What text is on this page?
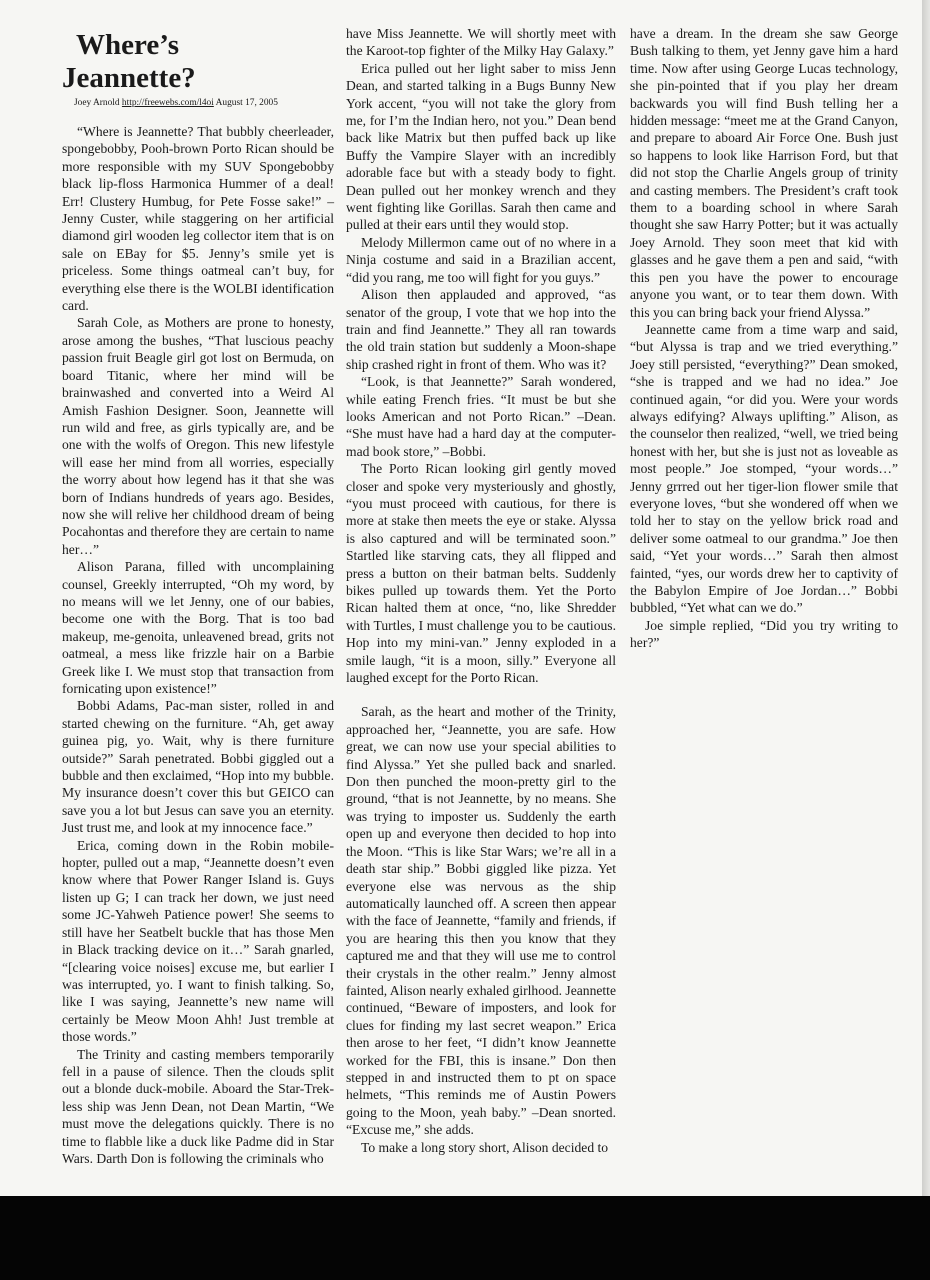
Where’s
Jeannette?
Joey Arnold http://freewebs.com/l4oi August 17, 2005

“Where is Jeannette? That bubbly cheerleader, spongebobby, Pooh-brown Porto Rican should be more responsible with my SUV Spongebobby black lip-floss Harmonica Hummer of a deal! Err! Clustery Humbug, for Pete Fosse sake!” – Jenny Custer, while staggering on her artificial diamond girl wooden leg collector item that is on sale on EBay for $5. Jenny’s smile yet is priceless. Some things oatmeal can’t buy, for everything else there is the WOLBI identification card.

Sarah Cole, as Mothers are prone to honesty, arose among the bushes, “That luscious peachy passion fruit Beagle girl got lost on Bermuda, on board Titanic, where her mind will be brainwashed and converted into a Weird Al Amish Fashion Designer. Soon, Jeannette will run wild and free, as girls typically are, and be one with the wolfs of Oregon. This new lifestyle will ease her mind from all worries, especially the worry about how legend has it that she was born of Indians hundreds of years ago. Besides, now she will relive her childhood dream of being Pocahontas and therefore they are certain to name her…”

Alison Parana, filled with uncomplaining counsel, Greekly interrupted, “Oh my word, by no means will we let Jenny, one of our babies, become one with the Borg. That is too bad makeup, me-genoita, unleavened bread, grits not oatmeal, a mess like frizzle hair on a Barbie Greek like I. We must stop that transaction from fornicating upon existence!”

Bobbi Adams, Pac-man sister, rolled in and started chewing on the furniture. “Ah, get away guinea pig, yo. Wait, why is there furniture outside?” Sarah penetrated. Bobbi giggled out a bubble and then exclaimed, “Hop into my bubble. My insurance doesn’t cover this but GEICO can save you a lot but Jesus can save you an eternity. Just trust me, and look at my innocence face.”

Erica, coming down in the Robin mobile-hopter, pulled out a map, “Jeannette doesn’t even know where that Power Ranger Island is. Guys listen up G; I can track her down, we just need some JC-Yahweh Patience power! She seems to still have her Seatbelt buckle that has those Men in Black tracking device on it…” Sarah gnarled, “[clearing voice noises] excuse me, but earlier I was interrupted, yo. I want to finish talking. So, like I was saying, Jeannette’s new name will certainly be Meow Moon Ahh! Just tremble at those words.”

The Trinity and casting members temporarily fell in a pause of silence. Then the clouds split out a blonde duck-mobile. Aboard the Star-Trek-less ship was Jenn Dean, not Dean Martin, “We must move the delegations quickly. There is no time to flabble like a duck like Padme did in Star Wars. Darth Don is following the criminals who

have Miss Jeannette. We will shortly meet with the Karoot-top fighter of the Milky Hay Galaxy.”

Erica pulled out her light saber to miss Jenn Dean, and started talking in a Bugs Bunny New York accent, “you will not take the glory from me, for I’m the Indian hero, not you.” Dean bend back like Matrix but then puffed back up like Buffy the Vampire Slayer with an incredibly adorable face but with a steady body to fight. Dean pulled out her monkey wrench and they went fighting like Gorillas. Sarah then came and pulled at their ears until they would stop.

Melody Millermon came out of no where in a Ninja costume and said in a Brazilian accent, “did you rang, me too will fight for you guys.”

Alison then applauded and approved, “as senator of the group, I vote that we hop into the train and find Jeannette.” They all ran towards the old train station but suddenly a Moon-shape ship crashed right in front of them. Who was it?

“Look, is that Jeannette?” Sarah wondered, while eating French fries. “It must be but she looks American and not Porto Rican.” –Dean. “She must have had a hard day at the computer-mad book store,” –Bobbi.

The Porto Rican looking girl gently moved closer and spoke very mysteriously and ghostly, “you must proceed with cautious, for there is more at stake then meets the eye or stake. Alyssa is also captured and will be terminated soon.” Startled like starving cats, they all flipped and press a button on their batman belts. Suddenly bikes pulled up towards them. Yet the Porto Rican halted them at once, “no, like Shredder with Turtles, I must challenge you to be cautious. Hop into my mini-van.” Jenny exploded in a smile laugh, “it is a moon, silly.” Everyone all laughed except for the Porto Rican.

Sarah, as the heart and mother of the Trinity, approached her, “Jeannette, you are safe. How great, we can now use your special abilities to find Alyssa.” Yet she pulled back and snarled. Don then punched the moon-pretty girl to the ground, “that is not Jeannette, by no means. She was trying to imposter us. Suddenly the earth open up and everyone then decided to hop into the Moon. “This is like Star Wars; we’re all in a death star ship.” Bobbi giggled like pizza. Yet everyone else was nervous as the ship automatically launched off. A screen then appear with the face of Jeannette, “family and friends, if you are hearing this then you know that they captured me and that they will use me to control their crystals in the other realm.” Jenny almost fainted, Alison nearly exhaled girlhood. Jeannette continued, “Beware of imposters, and look for clues for finding my last secret weapon.” Erica then arose to her feet, “I didn’t know Jeannette worked for the FBI, this is insane.” Don then stepped in and instructed them to pt on space helmets, “This reminds me of Austin Powers going to the Moon, yeah baby.” –Dean snorted. “Excuse me,” she adds.

To make a long story short, Alison decided to

have a dream. In the dream she saw George Bush talking to them, yet Jenny gave him a hard time. Now after using George Lucas technology, she pin-pointed that if you play her dream backwards you will find Bush telling her a hidden message: “meet me at the Grand Canyon, and prepare to aboard Air Force One. Bush just so happens to look like Harrison Ford, but that did not stop the Charlie Angels group of trinity and casting members. The President’s craft took them to a boarding school in where Sarah thought she saw Harry Potter; but it was actually Joey Arnold. They soon meet that kid with glasses and he gave them a pen and said, “with this pen you have the power to encourage anyone you want, or to tear them down. With this you can bring back your friend Alyssa.”

Jeannette came from a time warp and said, “but Alyssa is trap and we tried everything.” Joey still persisted, “everything?” Dean smoked, “she is trapped and we had no idea.” Joe continued again, “or did you. Were your words always edifying? Always uplifting.” Alison, as the counselor then realized, “well, we tried being honest with her, but she is just not as loveable as most people.” Joe stomped, “your words…” Jenny grrred out her tiger-lion flower smile that everyone loves, “but she wondered off when we told her to stay on the yellow brick road and deliver some oatmeal to our grandma.” Joe then said, “Yet your words…” Sarah then almost fainted, “yes, our words drew her to captivity of the Babylon Empire of Joe Jordan…” Bobbi bubbled, “Yet what can we do.”

Joe simple replied, “Did you try writing to her?”
